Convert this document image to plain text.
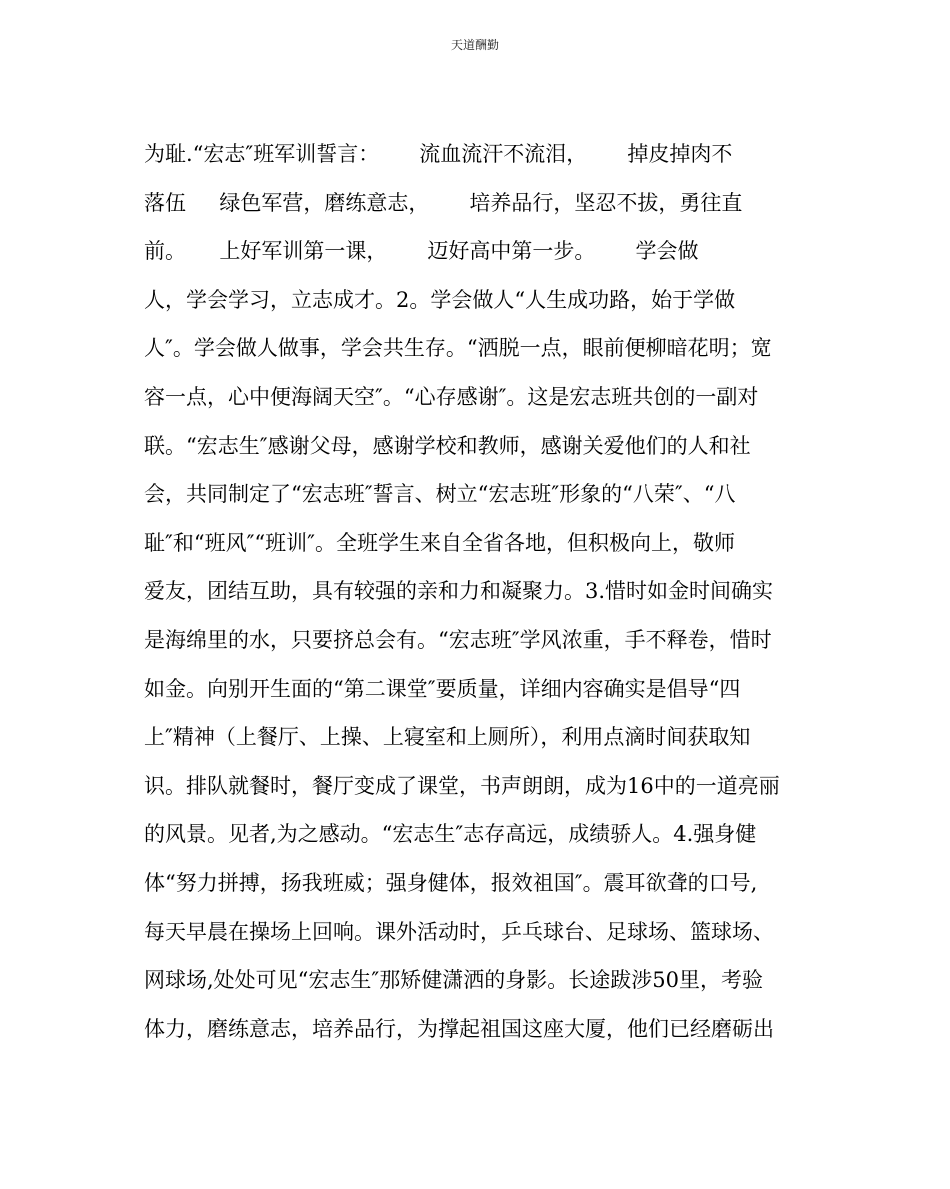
天道酬勤
为耻.“宏志″班军训誓言：      流血流汗不流泪，      掉皮掉肉不
落伍     绿色军营，磨练意志，      培养品行，坚忍不拔，勇往直
前。     上好军训第一课，      迈好高中第一步。      学会做
人，学会学习，立志成才。2。学会做人“人生成功路，始于学做
人″。学会做人做事，学会共生存。“洒脱一点，眼前便柳暗花明；宽
容一点，心中便海阔天空″。“心存感谢″。这是宏志班共创的一副对
联。“宏志生″感谢父母，感谢学校和教师，感谢关爱他们的人和社
会，共同制定了“宏志班″誓言、树立“宏志班″形象的“八荣″、“八
耻″和“班风″“班训″。全班学生来自全省各地，但积极向上，敬师
爱友，团结互助，具有较强的亲和力和凝聚力。3.惜时如金时间确实
是海绵里的水，只要挤总会有。“宏志班″学风浓重，手不释卷，惜时
如金。向别开生面的“第二课堂″要质量，详细内容确实是倡导“四
上″精神（上餐厅、上操、上寝室和上厕所），利用点滴时间获取知
识。排队就餐时，餐厅变成了课堂，书声朗朗，成为16中的一道亮丽
的风景。见者,为之感动。“宏志生″志存高远，成绩骄人。4.强身健
体“努力拼搏，扬我班威；强身健体，报效祖国″。震耳欲聋的口号,
每天早晨在操场上回响。课外活动时，乒乓球台、足球场、篮球场、
网球场,处处可见“宏志生″那矫健潇洒的身影。长途跋涉50里，考验
体力，磨练意志，培养品行，为撑起祖国这座大厦，他们已经磨砺出
